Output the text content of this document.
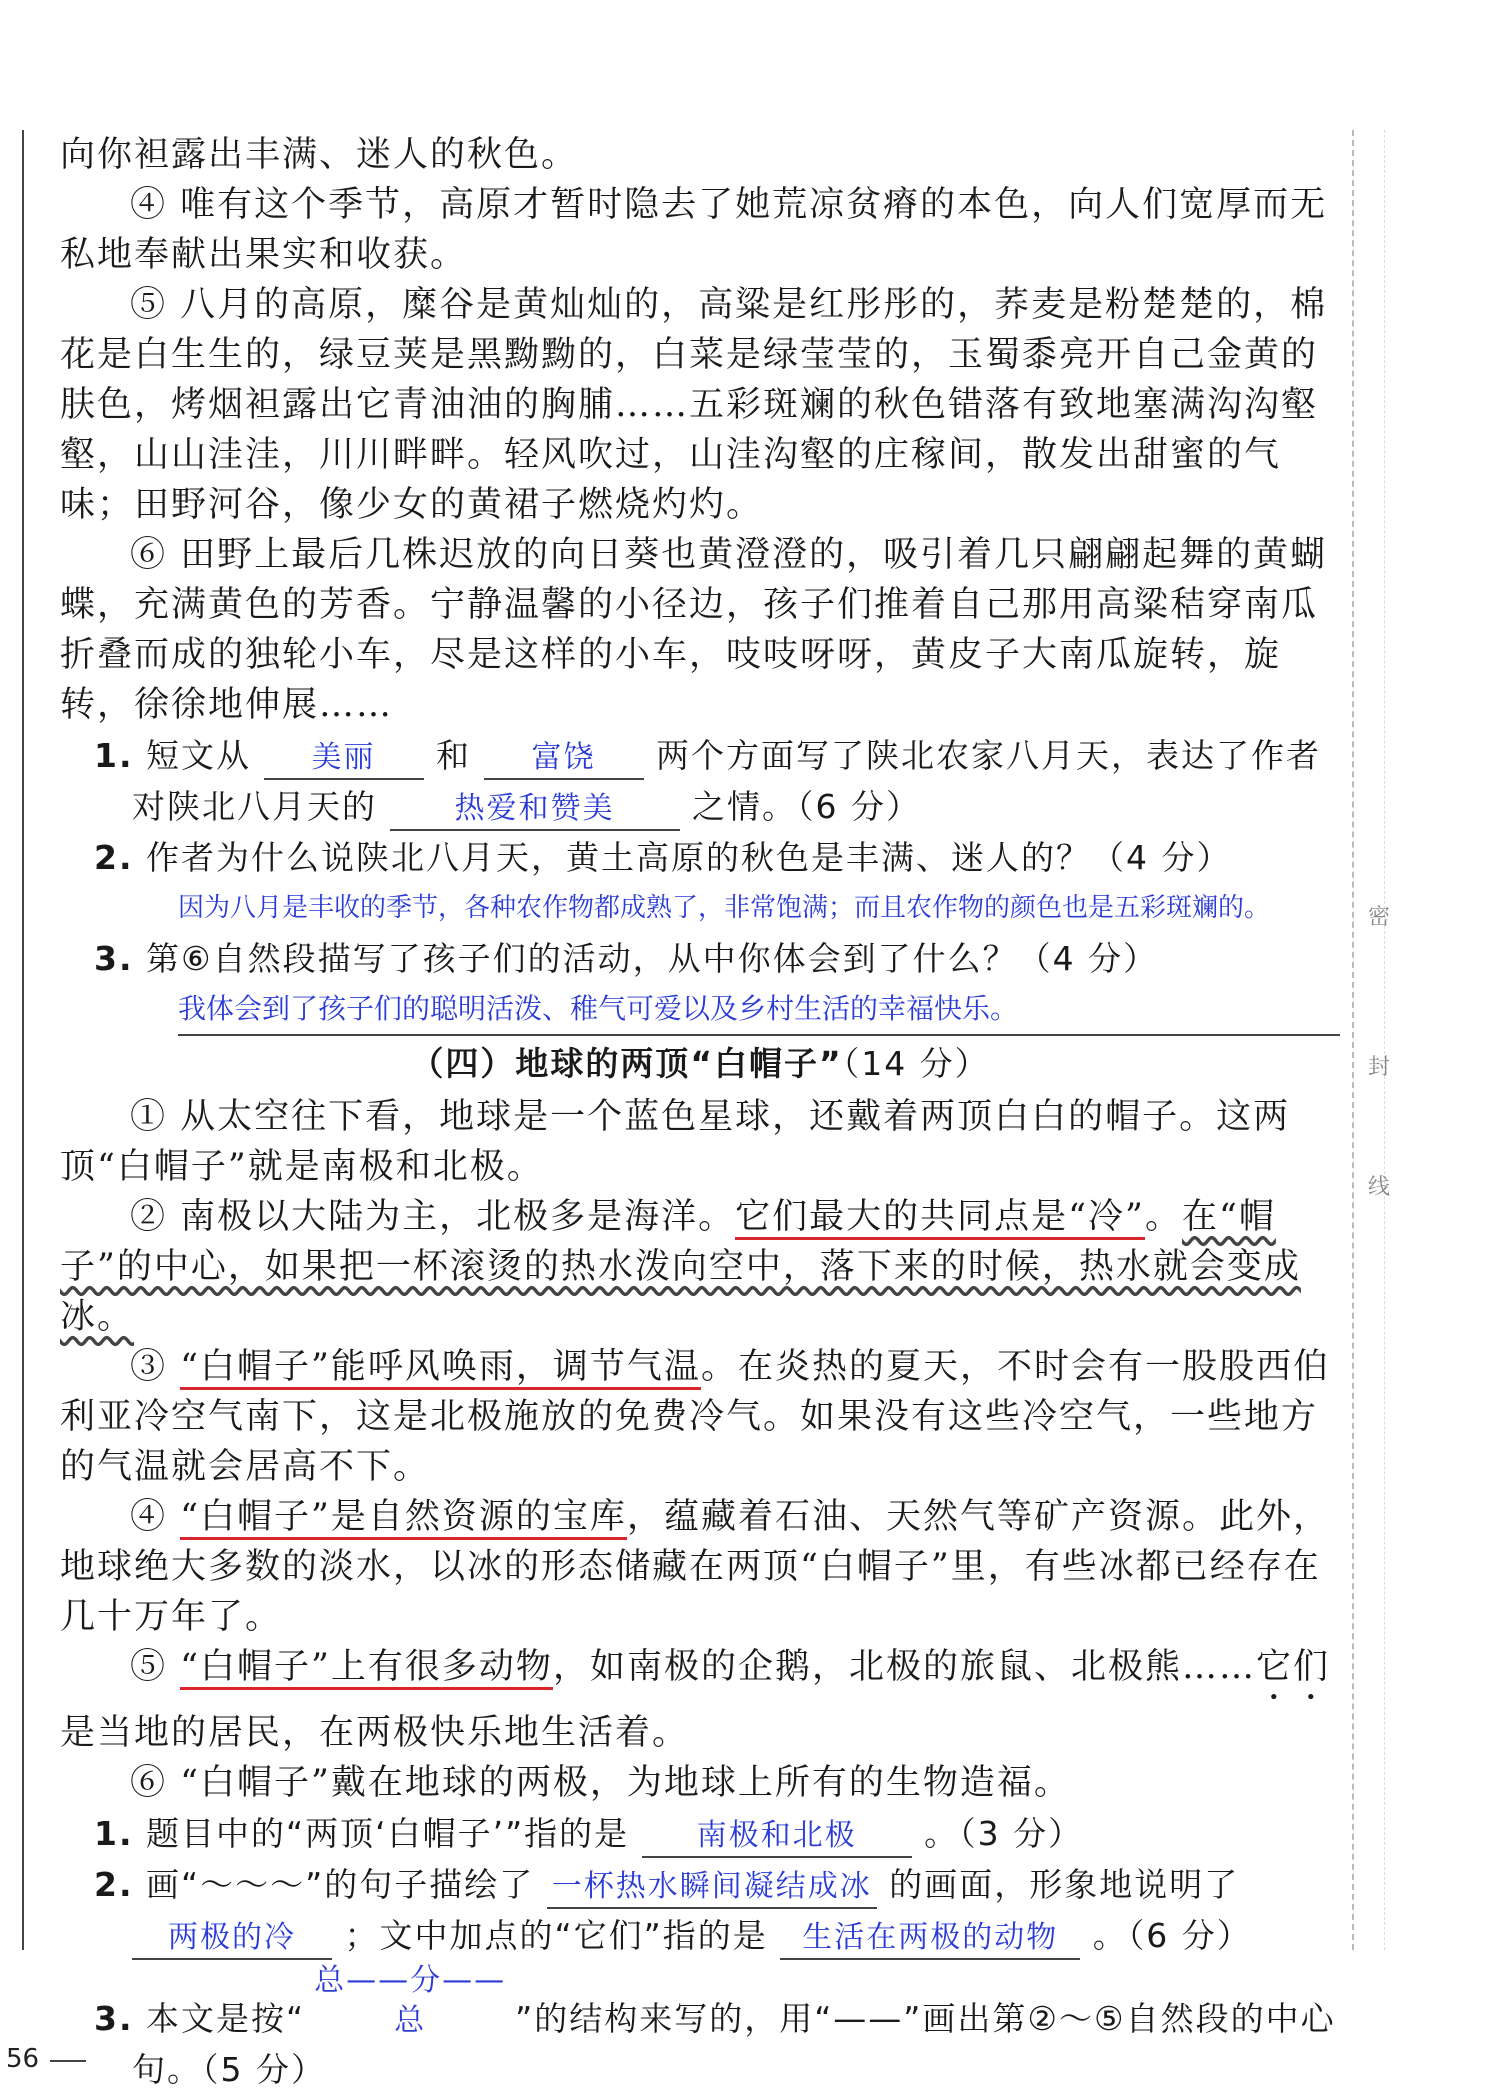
密
封
线

向你袒露出丰满、迷人的秋色。

④ 唯有这个季节，高原才暂时隐去了她荒凉贫瘠的本色，向人们宽厚而无私地奉献出果实和收获。

⑤ 八月的高原，糜谷是黄灿灿的，高粱是红彤彤的，荞麦是粉楚楚的，棉花是白生生的，绿豆荚是黑黝黝的，白菜是绿莹莹的，玉蜀黍亮开自己金黄的肤色，烤烟袒露出它青油油的胸脯……五彩斑斓的秋色错落有致地塞满沟沟壑壑，山山洼洼，川川畔畔。轻风吹过，山洼沟壑的庄稼间，散发出甜蜜的气味；田野河谷，像少女的黄裙子燃烧灼灼。

⑥ 田野上最后几株迟放的向日葵也黄澄澄的，吸引着几只翩翩起舞的黄蝴蝶，充满黄色的芳香。宁静温馨的小径边，孩子们推着自己那用高粱秸穿南瓜折叠而成的独轮小车，尽是这样的小车，吱吱呀呀，黄皮子大南瓜旋转，旋转，徐徐地伸展……

1. 短文从 美丽 和 富饶 两个方面写了陕北农家八月天，表达了作者对陕北八月天的	热爱和赞美 之情。（6 分）

2. 作者为什么说陕北八月天，黄土高原的秋色是丰满、迷人的？（4 分）

因为八月是丰收的季节，各种农作物都成熟了，非常饱满；而且农作物的颜色也是五彩斑斓的。

3. 第⑥自然段描写了孩子们的活动，从中你体会到了什么？（4 分）

我体会到了孩子们的聪明活泼、稚气可爱以及乡村生活的幸福快乐。

（四）地球的两顶“白帽子”（14 分）

① 从太空往下看，地球是一个蓝色星球，还戴着两顶白白的帽子。这两顶“白帽子”就是南极和北极。

② 南极以大陆为主，北极多是海洋。它们最大的共同点是“冷”。在“帽子”的中心，如果把一杯滚烫的热水泼向空中，落下来的时候，热水就会变成冰。

③ “白帽子”能呼风唤雨，调节气温。在炎热的夏天，不时会有一股股西伯利亚冷空气南下，这是北极施放的免费冷气。如果没有这些冷空气，一些地方的气温就会居高不下。

④ “白帽子”是自然资源的宝库，蕴藏着石油、天然气等矿产资源。此外，地球绝大多数的淡水，以冰的形态储藏在两顶“白帽子”里，有些冰都已经存在几十万年了。

⑤ “白帽子”上有很多动物，如南极的企鹅，北极的旅鼠、北极熊……它们是当地的居民，在两极快乐地生活着。

⑥ “白帽子”戴在地球的两极，为地球上所有的生物造福。

1. 题目中的“两顶‘白帽子’”指的是 南极和北极 。（3 分）

2. 画“～～～”的句子描绘了 一杯热水瞬间凝结成冰 的画面，形象地说明了 两极的冷 ；文中加点的“它们”指的是 生活在两极的动物 。（6 分）

3. 本文是按“总——分——总	”的结构来写的，用“——”画出第②～⑤自然段的中心句。（5 分）

56
